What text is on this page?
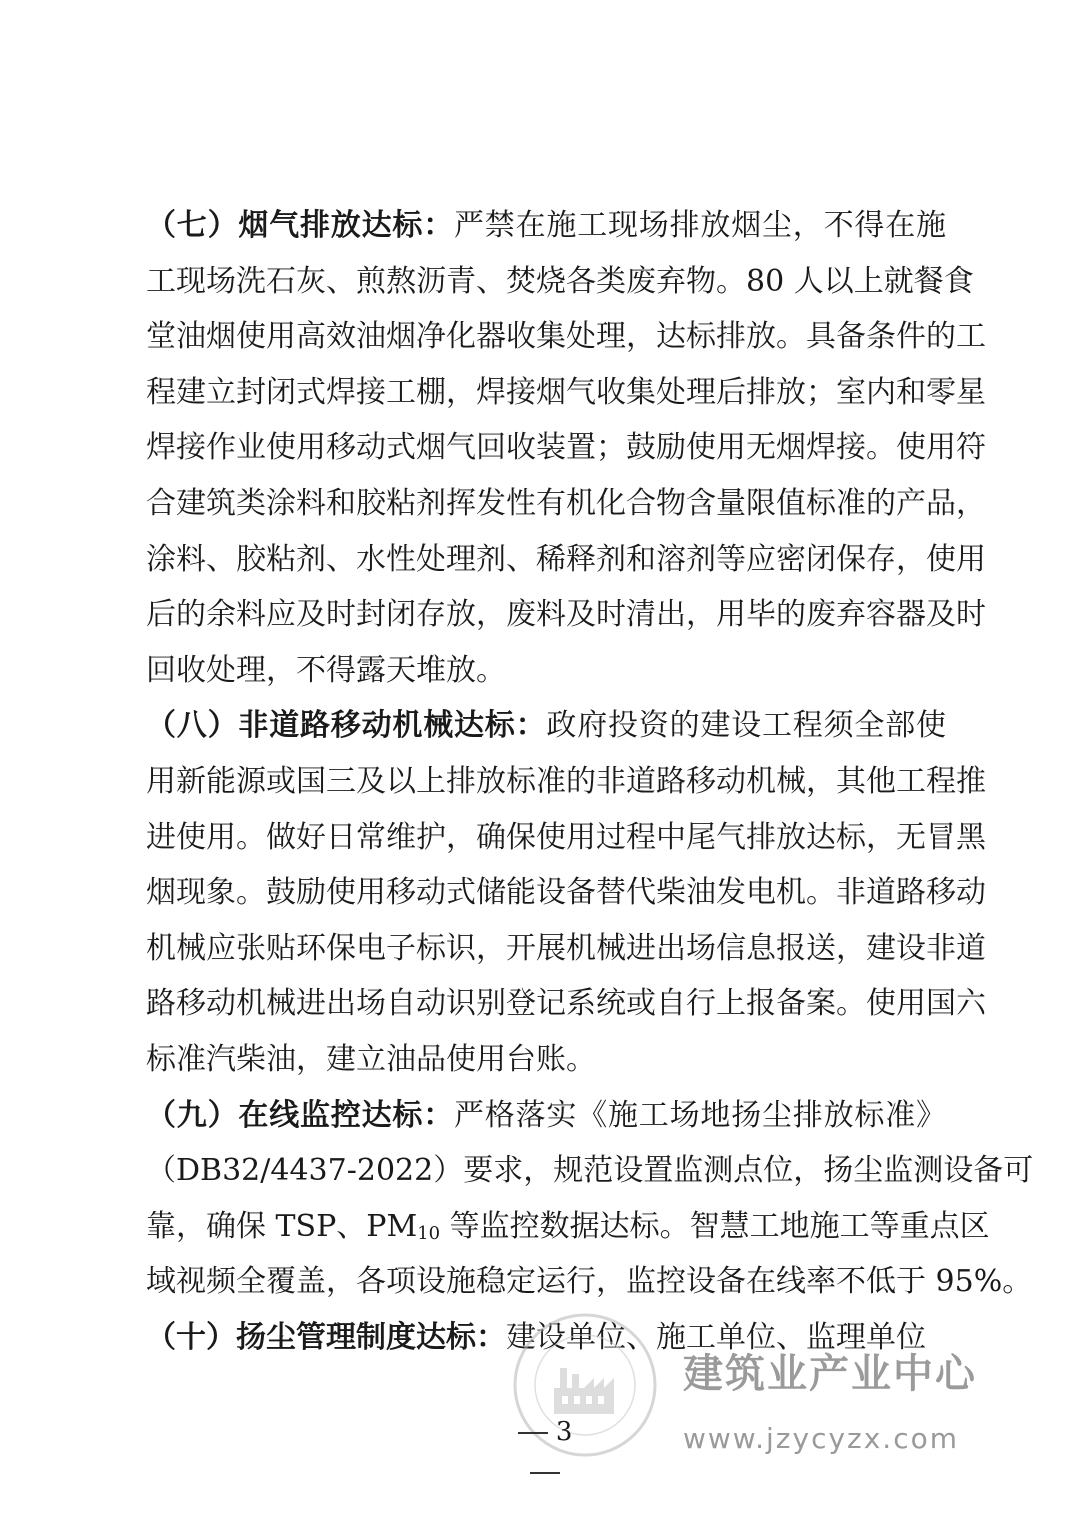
（七）烟气排放达标：严禁在施工现场排放烟尘，不得在施
工现场洗石灰、煎熬沥青、焚烧各类废弃物。80 人以上就餐食
堂油烟使用高效油烟净化器收集处理，达标排放。具备条件的工
程建立封闭式焊接工棚，焊接烟气收集处理后排放；室内和零星
焊接作业使用移动式烟气回收装置；鼓励使用无烟焊接。使用符
合建筑类涂料和胶粘剂挥发性有机化合物含量限值标准的产品，
涂料、胶粘剂、水性处理剂、稀释剂和溶剂等应密闭保存，使用
后的余料应及时封闭存放，废料及时清出，用毕的废弃容器及时
回收处理，不得露天堆放。
（八）非道路移动机械达标：政府投资的建设工程须全部使
用新能源或国三及以上排放标准的非道路移动机械，其他工程推
进使用。做好日常维护，确保使用过程中尾气排放达标，无冒黑
烟现象。鼓励使用移动式储能设备替代柴油发电机。非道路移动
机械应张贴环保电子标识，开展机械进出场信息报送，建设非道
路移动机械进出场自动识别登记系统或自行上报备案。使用国六
标准汽柴油，建立油品使用台账。
（九）在线监控达标：严格落实《施工场地扬尘排放标准》
（DB32/4437-2022）要求，规范设置监测点位，扬尘监测设备可
靠，确保 TSP、$PM_{10}$ 等监控数据达标。智慧工地施工等重点区
域视频全覆盖，各项设施稳定运行，监控设备在线率不低于 95%。
（十）扬尘管理制度达标：建设单位、施工单位、监理单位
建筑业产业中心
www.jzycyzx.com
3
